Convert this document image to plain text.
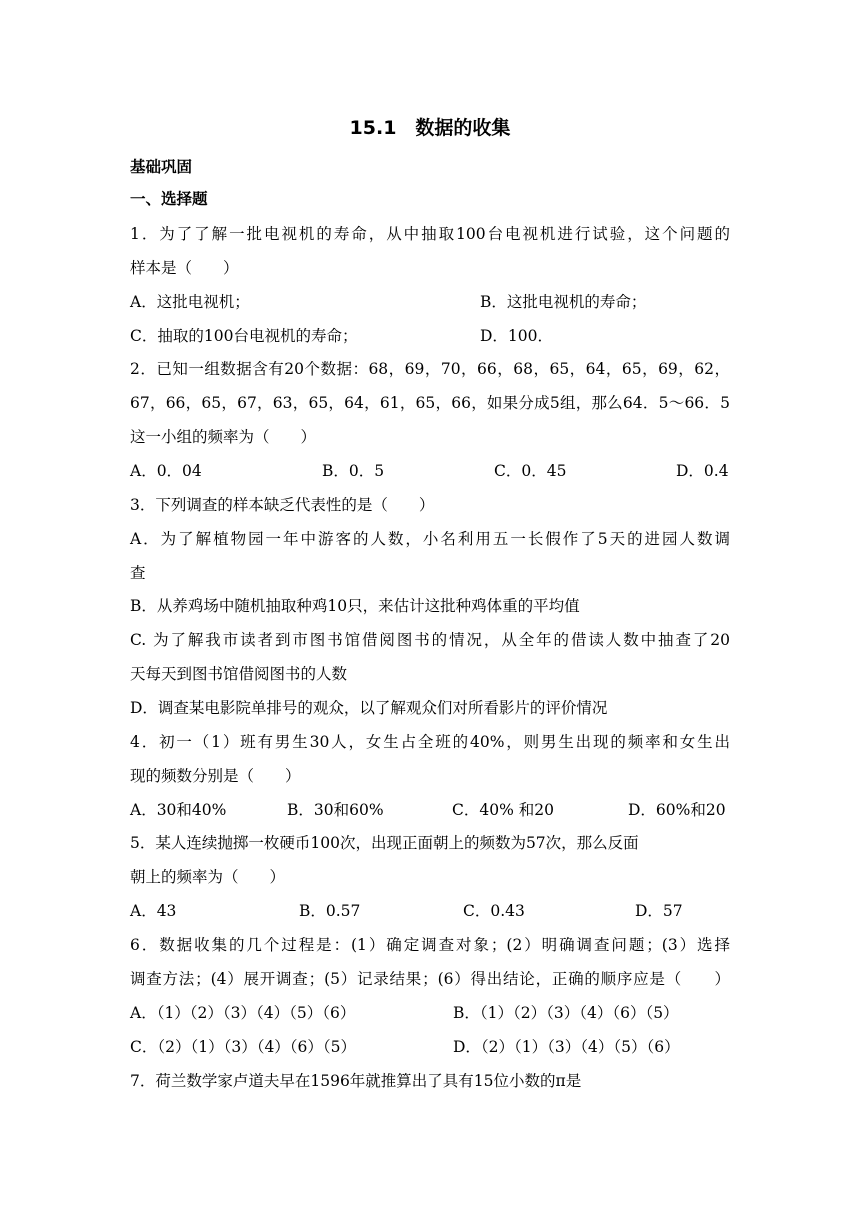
15.1　数据的收集
基础巩固
一、选择题
1．为了了解一批电视机的寿命，从中抽取100台电视机进行试验，这个问题的
样本是（　　）
A．这批电视机；	B．这批电视机的寿命；
C．抽取的100台电视机的寿命；	D．100．
2．已知一组数据含有20个数据：68，69，70，66，68，65，64，65，69，62，
67，66，65，67，63，65，64，61，65，66，如果分成5组，那么64．5～66．5
这一小组的频率为（　　）
A．0．04	B．0．5	C．0．45	D．0.4
3．下列调查的样本缺乏代表性的是（　　）
A．为了解植物园一年中游客的人数，小名利用五一长假作了5天的进园人数调
查
B．从养鸡场中随机抽取种鸡10只，来估计这批种鸡体重的平均值
C. 为了解我市读者到市图书馆借阅图书的情况，从全年的借读人数中抽查了20
天每天到图书馆借阅图书的人数
D．调查某电影院单排号的观众，以了解观众们对所看影片的评价情况
4．初一（1）班有男生30人，女生占全班的40%，则男生出现的频率和女生出
现的频数分别是（　　）
A．30和40%	B．30和60%	C．40% 和20	D．60%和20
5．某人连续抛掷一枚硬币100次，出现正面朝上的频数为57次，那么反面
朝上的频率为（　　）
A．43	B．0.57	C．0.43	D．57
6．数据收集的几个过程是：(1）确定调查对象；(2）明确调查问题；(3）选择
调查方法；(4）展开调查；(5）记录结果；(6）得出结论，正确的顺序应是（　　）
A．（1）（2）（3）（4）（5）（6）	B．（1）（2）（3）（4）（6）（5）
C．（2）（1）（3）（4）（6）（5）	D．（2）（1）（3）（4）（5）（6）
7．荷兰数学家卢道夫早在1596年就推算出了具有15位小数的π是
